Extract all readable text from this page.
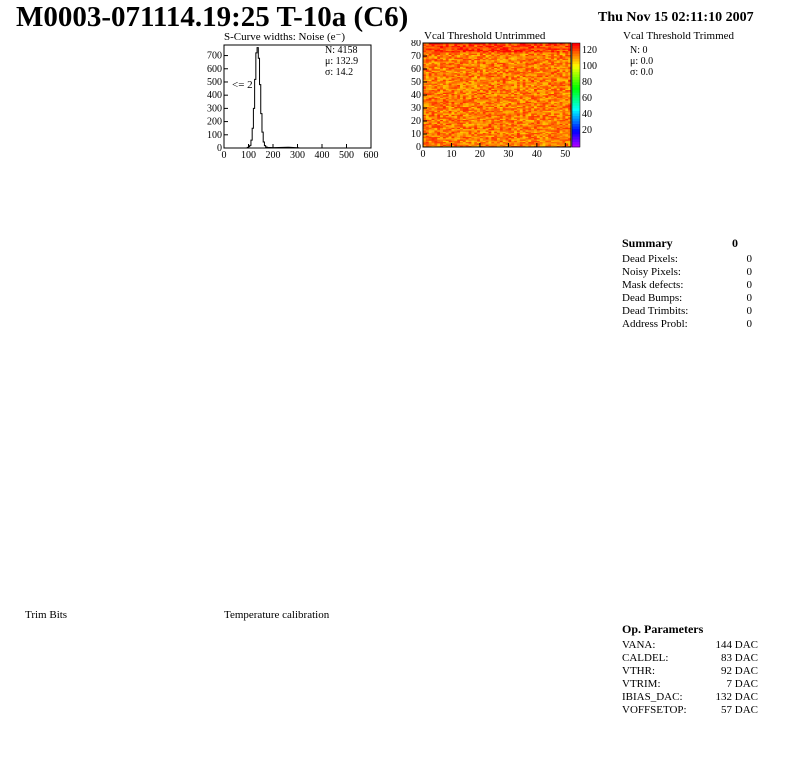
M0003-071114.19:25 T-10a (C6)	Thu Nov 15 02:11:10 2007
S-Curve widths: Noise (e⁻)
0 100 200 300 400 500 600
0
100
200
300
400
500
600
700
N: 4158
μ: 132.9
σ: 14.2
<= 2
Vcal Threshold Untrimmed
0 10 20 30 40 50
0
10
20
30
40
50
60
70
80
20
40
60
80
100
120
Vcal Threshold Trimmed
N: 0
μ: 0.0
σ: 0.0
Summary	0
Dead Pixels:	0
Noisy Pixels:	0
Mask defects:	0
Dead Bumps:	0
Dead Trimbits:	0
Address Probl:	0
Trim Bits	Temperature calibration
Op. Parameters
VANA:	144 DAC
CALDEL:	83 DAC
VTHR:	92 DAC
VTRIM:	7 DAC
IBIAS_DAC:	132 DAC
VOFFSETOP:	57 DAC
